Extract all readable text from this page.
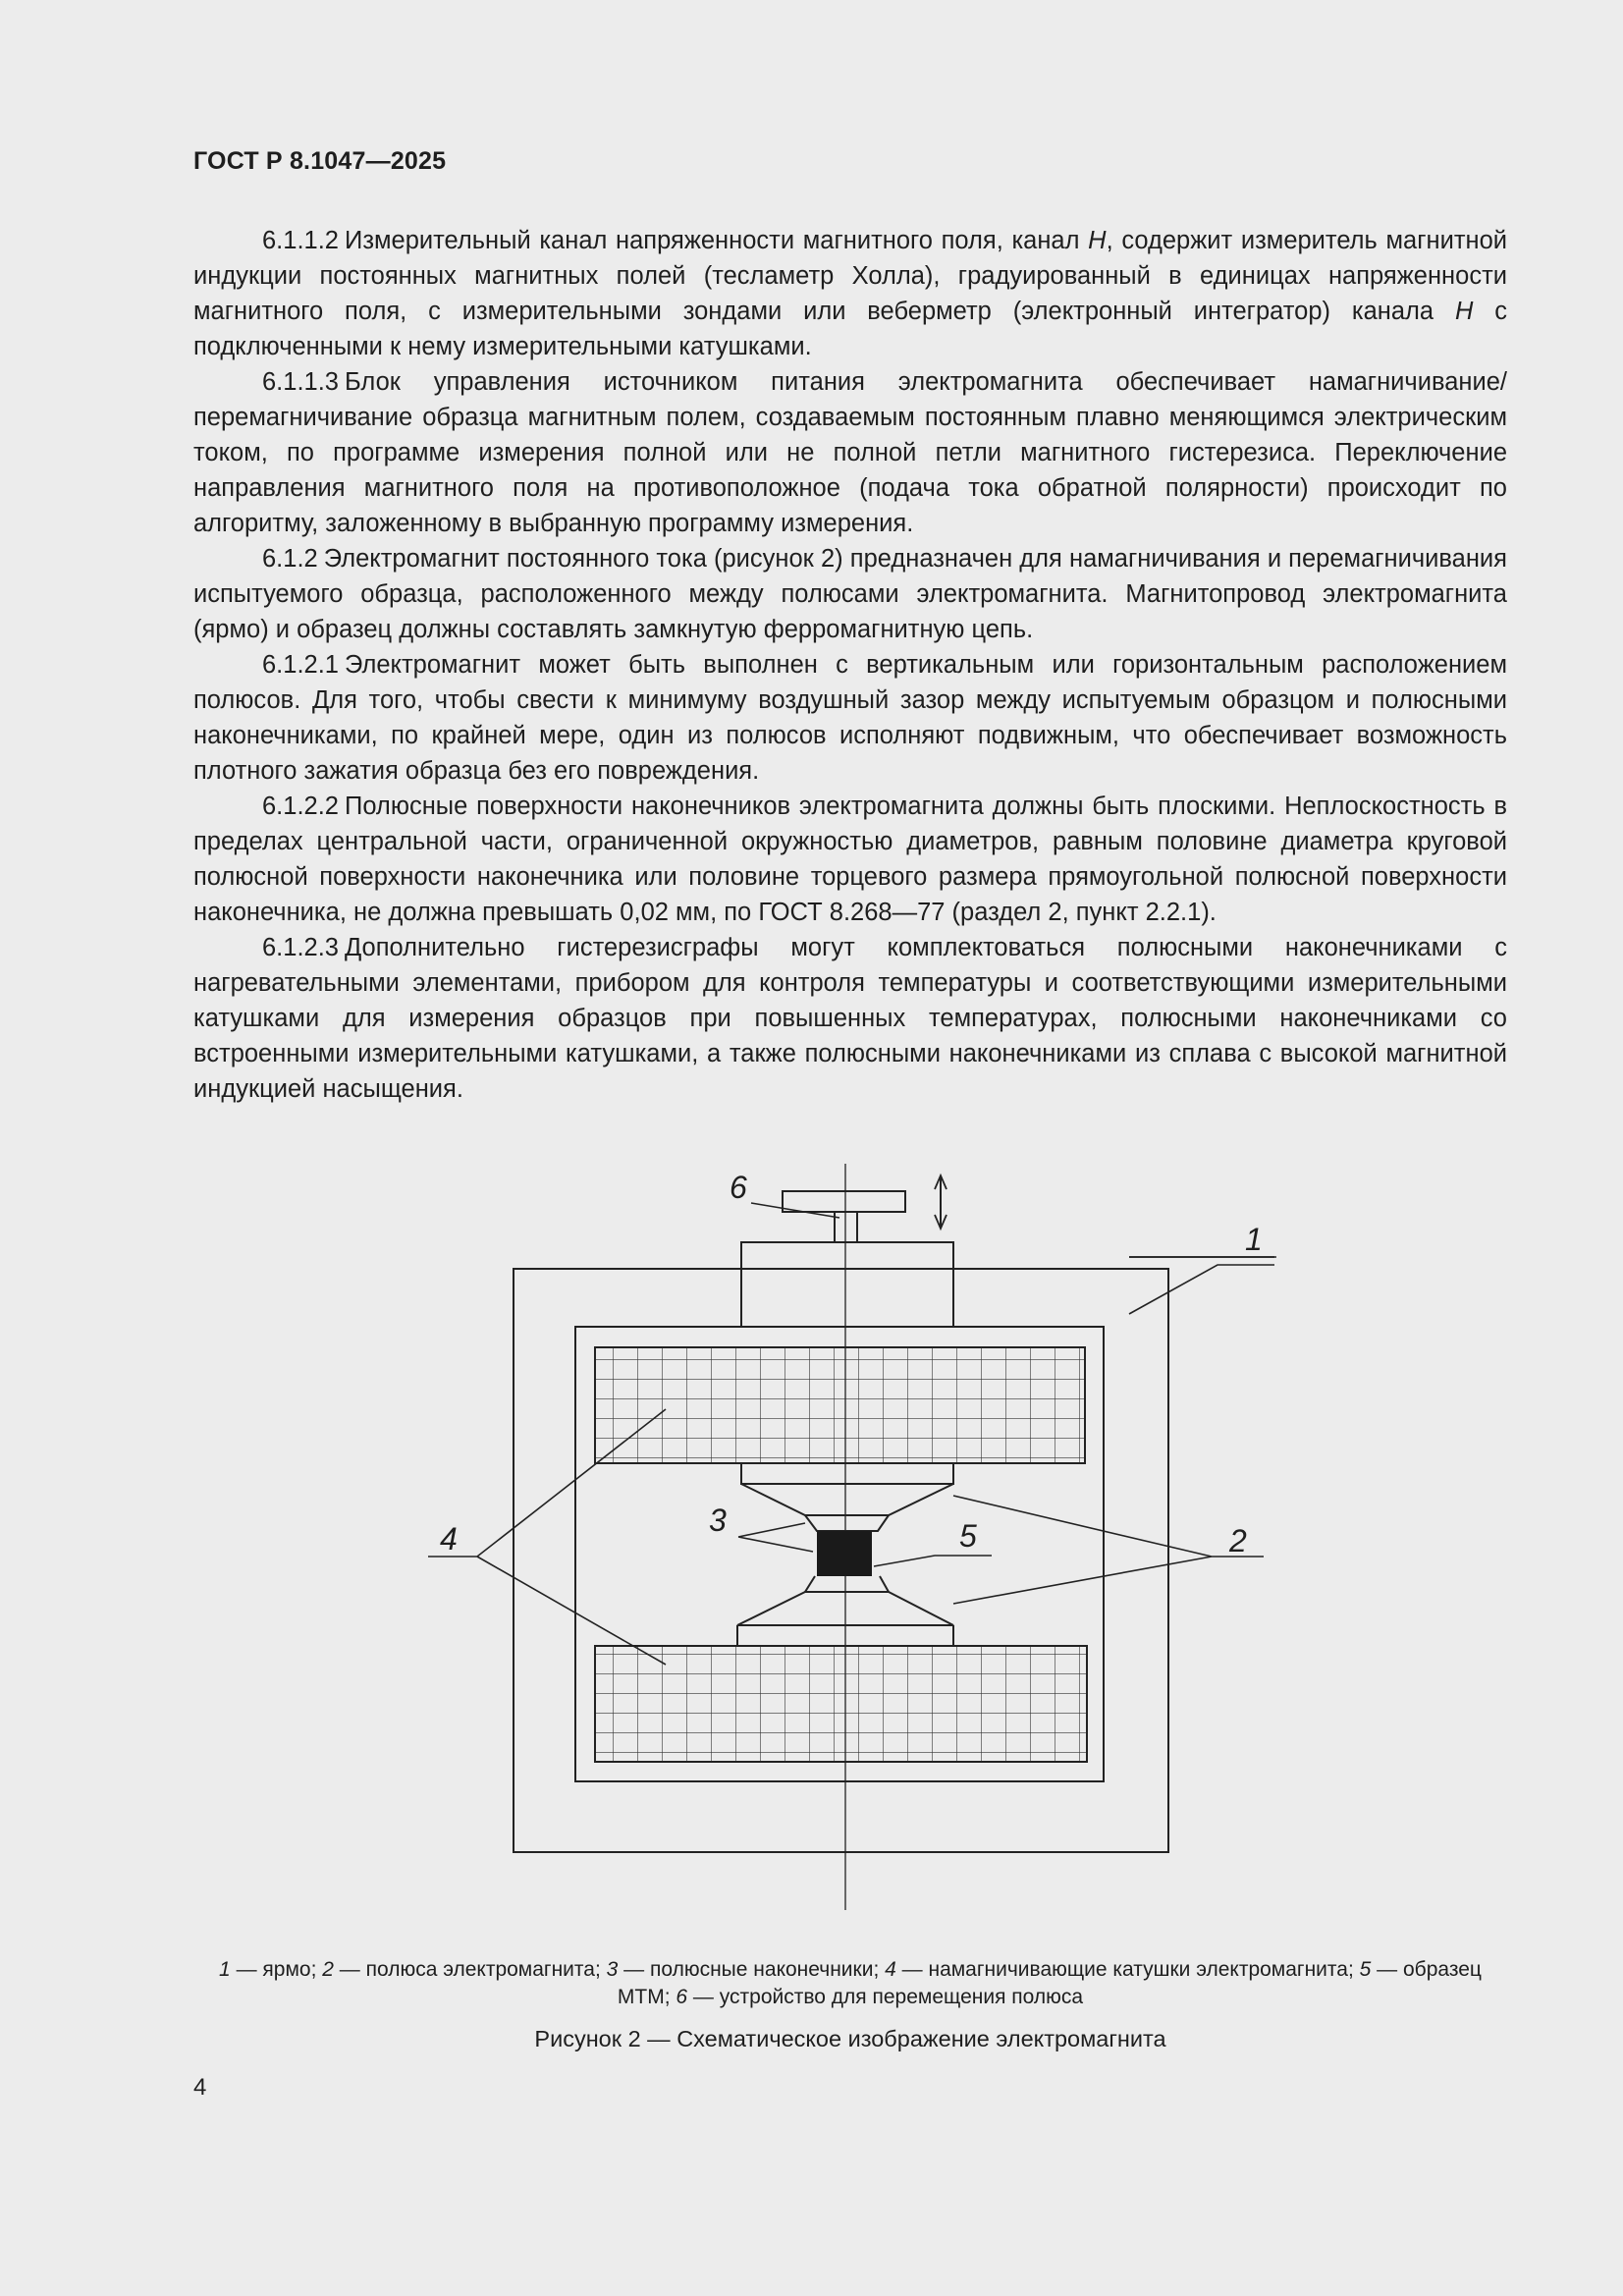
ГОСТ Р 8.1047—2025

6.1.1.2 Измерительный канал напряженности магнитного поля, канал H, содержит измеритель магнитной индукции постоянных магнитных полей (тесламетр Холла), градуированный в единицах напряженности магнитного поля, с измерительными зондами или веберметр (электронный интегратор) канала H с подключенными к нему измерительными катушками.

6.1.1.3 Блок управления источником питания электромагнита обеспечивает намагничивание/перемагничивание образца магнитным полем, создаваемым постоянным плавно меняющимся электрическим током, по программе измерения полной или не полной петли магнитного гистерезиса. Переключение направления магнитного поля на противоположное (подача тока обратной полярности) происходит по алгоритму, заложенному в выбранную программу измерения.

6.1.2 Электромагнит постоянного тока (рисунок 2) предназначен для намагничивания и перемагничивания испытуемого образца, расположенного между полюсами электромагнита. Магнитопровод электромагнита (ярмо) и образец должны составлять замкнутую ферромагнитную цепь.

6.1.2.1 Электромагнит может быть выполнен с вертикальным или горизонтальным расположением полюсов. Для того, чтобы свести к минимуму воздушный зазор между испытуемым образцом и полюсными наконечниками, по крайней мере, один из полюсов исполняют подвижным, что обеспечивает возможность плотного зажатия образца без его повреждения.

6.1.2.2 Полюсные поверхности наконечников электромагнита должны быть плоскими. Неплоскостность в пределах центральной части, ограниченной окружностью диаметров, равным половине диаметра круговой полюсной поверхности наконечника или половине торцевого размера прямоугольной полюсной поверхности наконечника, не должна превышать 0,02 мм, по ГОСТ 8.268—77 (раздел 2, пункт 2.2.1).

6.1.2.3 Дополнительно гистерезисграфы могут комплектоваться полюсными наконечниками с нагревательными элементами, прибором для контроля температуры и соответствующими измерительными катушками для измерения образцов при повышенных температурах, полюсными наконечниками со встроенными измерительными катушками, а также полюсными наконечниками из сплава с высокой магнитной индукцией насыщения.

6
1
4	2
3	5
1 — ярмо; 2 — полюса электромагнита; 3 — полюсные наконечники; 4 — намагничивающие катушки электромагнита; 5 — образец МТМ; 6 — устройство для перемещения полюса
Рисунок 2 — Схематическое изображение электромагнита
4
